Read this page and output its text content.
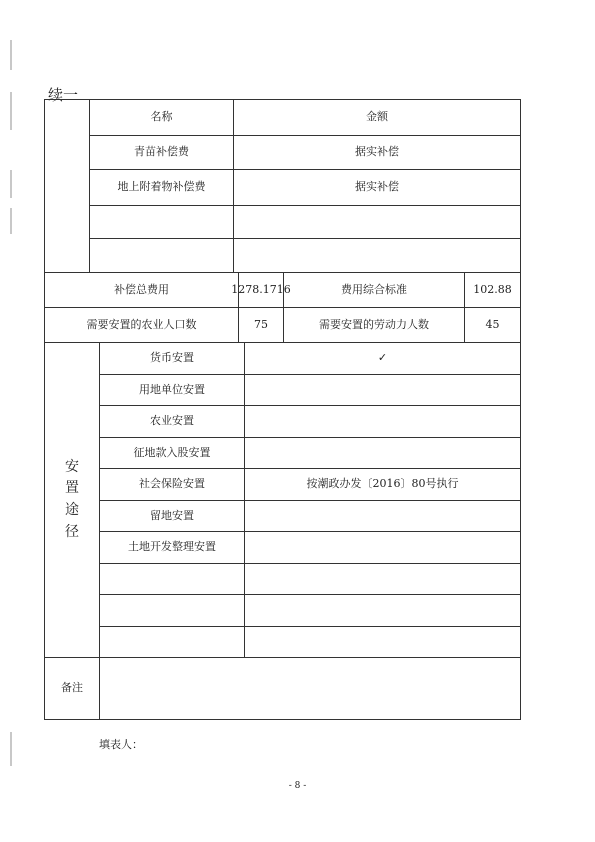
续一
名称	金额
青苗补偿费	据实补偿
地上附着物补偿费	据实补偿
补偿总费用	1278.1716	费用综合标准	102.88
需要安置的农业人口数	75	需要安置的劳动力人数	45
安
置
途
径
货币安置	✓
用地单位安置
农业安置
征地款入股安置
社会保险安置	按潮政办发〔2016〕80号执行
留地安置
土地开发整理安置
备注
填表人：
- 8 -
